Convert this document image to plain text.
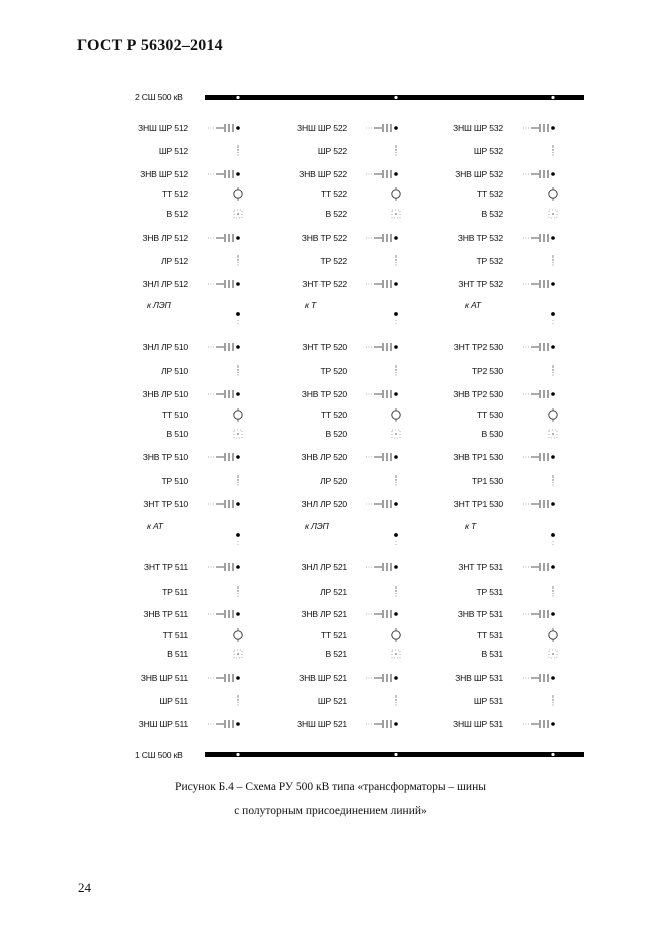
ГОСТ Р 56302–2014
2 СШ 500 кВ
1 СШ 500 кВ
ЗНШ ШР 512
ШР 512
ЗНВ ШР 512
ТТ 512
В 512
ЗНВ ЛР 512
ЛР 512
ЗНЛ ЛР 512
к ЛЭП
ЗНЛ ЛР 510
ЛР 510
ЗНВ ЛР 510
ТТ 510
В 510
ЗНВ ТР 510
ТР 510
ЗНТ ТР 510
к АТ
ЗНТ ТР 511
ТР 511
ЗНВ ТР 511
ТТ 511
В 511
ЗНВ ШР 511
ШР 511
ЗНШ ШР 511
ЗНШ ШР 522
ШР 522
ЗНВ ШР 522
ТТ 522
В 522
ЗНВ ТР 522
ТР 522
ЗНТ ТР 522
к Т
ЗНТ ТР 520
ТР 520
ЗНВ ТР 520
ТТ 520
В 520
ЗНВ ЛР 520
ЛР 520
ЗНЛ ЛР 520
к ЛЭП
ЗНЛ ЛР 521
ЛР 521
ЗНВ ЛР 521
ТТ 521
В 521
ЗНВ ШР 521
ШР 521
ЗНШ ШР 521
ЗНШ ШР 532
ШР 532
ЗНВ ШР 532
ТТ 532
В 532
ЗНВ ТР 532
ТР 532
ЗНТ ТР 532
к АТ
ЗНТ ТР2 530
ТР2 530
ЗНВ ТР2 530
ТТ 530
В 530
ЗНВ ТР1 530
ТР1 530
ЗНТ ТР1 530
к Т
ЗНТ ТР 531
ТР 531
ЗНВ ТР 531
ТТ 531
В 531
ЗНВ ШР 531
ШР 531
ЗНШ ШР 531
Рисунок Б.4 – Схема РУ 500 кВ типа «трансформаторы – шины
с полуторным присоединением линий»
24
